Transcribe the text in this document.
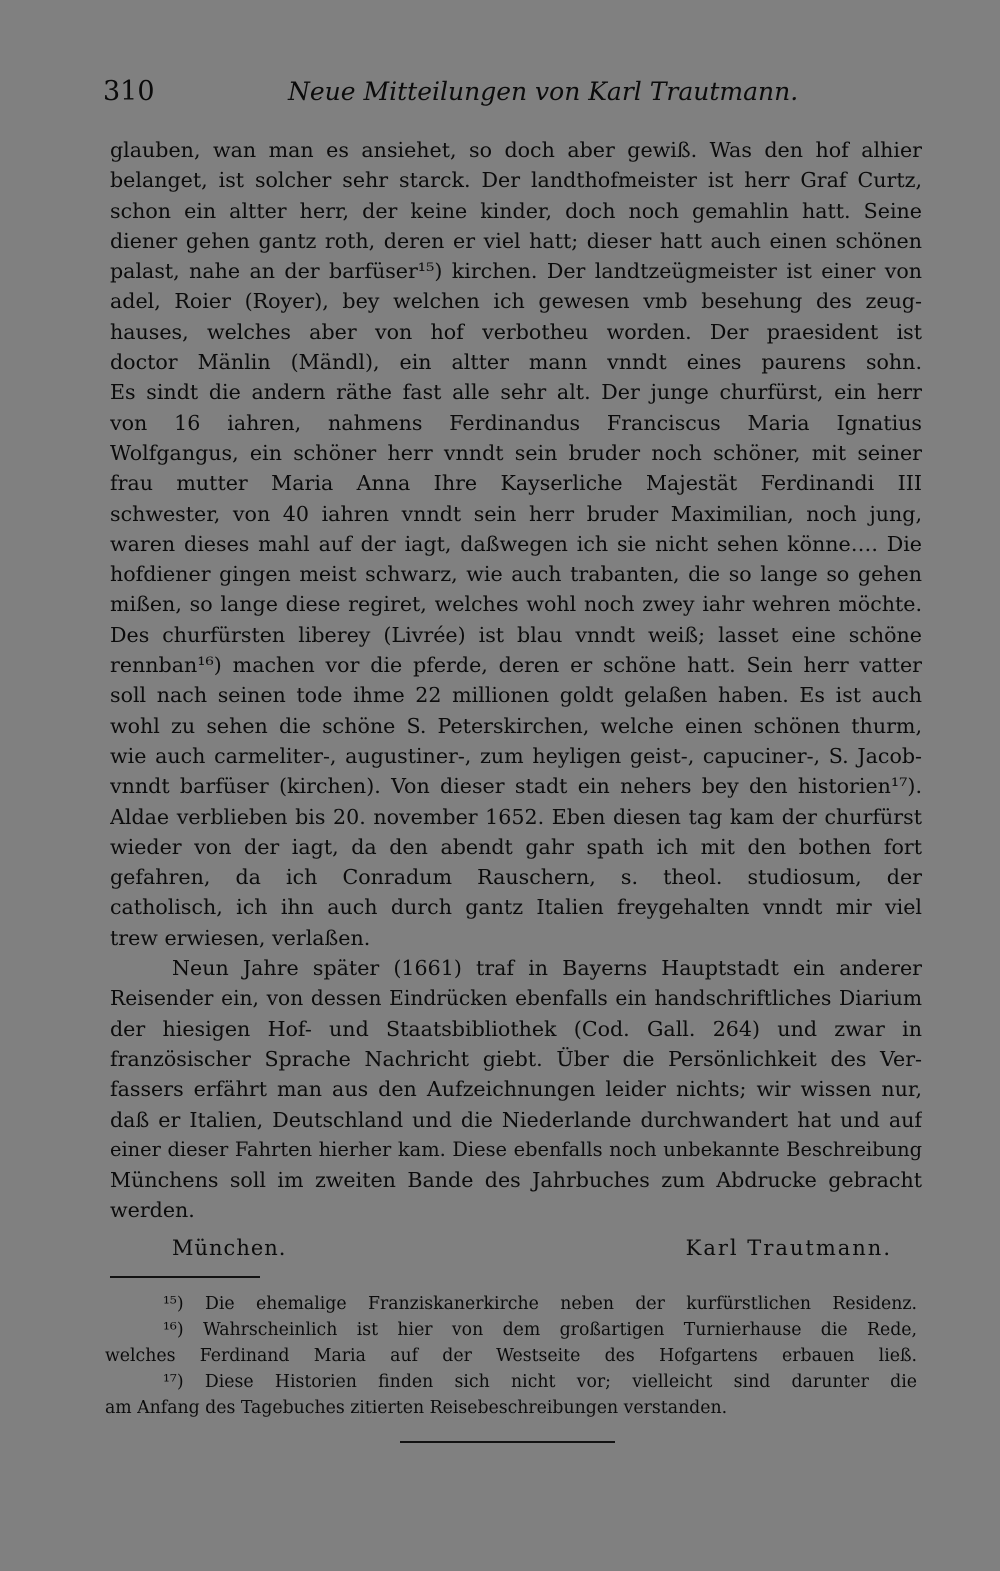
310	Neue Mitteilungen von Karl Trautmann.
glauben, wan man es ansiehet, so doch aber gewiß. Was den hof alhier
belanget, ist solcher sehr starck. Der landthofmeister ist herr Graf Curtz,
schon ein altter herr, der keine kinder, doch noch gemahlin hatt. Seine
diener gehen gantz roth, deren er viel hatt; dieser hatt auch einen schönen
palast, nahe an der barfüser¹⁵) kirchen. Der landtzeügmeister ist einer von
adel, Roier (Royer), bey welchen ich gewesen vmb besehung des zeug-
hauses, welches aber von hof verbotheu worden. Der praesident ist
doctor Mänlin (Mändl), ein altter mann vnndt eines paurens sohn.
Es sindt die andern räthe fast alle sehr alt. Der junge churfürst, ein herr
von 16 iahren, nahmens Ferdinandus Franciscus Maria Ignatius
Wolfgangus, ein schöner herr vnndt sein bruder noch schöner, mit seiner
frau mutter Maria Anna Ihre Kayserliche Majestät Ferdinandi III
schwester, von 40 iahren vnndt sein herr bruder Maximilian, noch jung,
waren dieses mahl auf der iagt, daßwegen ich sie nicht sehen könne…. Die
hofdiener gingen meist schwarz, wie auch trabanten, die so lange so gehen
mißen, so lange diese regiret, welches wohl noch zwey iahr wehren möchte.
Des churfürsten liberey (Livrée) ist blau vnndt weiß; lasset eine schöne
rennban¹⁶) machen vor die pferde, deren er schöne hatt. Sein herr vatter
soll nach seinen tode ihme 22 millionen goldt gelaßen haben. Es ist auch
wohl zu sehen die schöne S. Peterskirchen, welche einen schönen thurm,
wie auch carmeliter-, augustiner-, zum heyligen geist-, capuciner-, S. Jacob-
vnndt barfüser (kirchen). Von dieser stadt ein nehers bey den historien¹⁷).
Aldae verblieben bis 20. november 1652. Eben diesen tag kam der churfürst
wieder von der iagt, da den abendt gahr spath ich mit den bothen fort
gefahren, da ich Conradum Rauschern, s. theol. studiosum, der
catholisch, ich ihn auch durch gantz Italien freygehalten vnndt mir viel
trew erwiesen, verlaßen.
Neun Jahre später (1661) traf in Bayerns Hauptstadt ein anderer
Reisender ein, von dessen Eindrücken ebenfalls ein handschriftliches Diarium
der hiesigen Hof- und Staatsbibliothek (Cod. Gall. 264) und zwar in
französischer Sprache Nachricht giebt. Über die Persönlichkeit des Ver-
fassers erfährt man aus den Aufzeichnungen leider nichts; wir wissen nur,
daß er Italien, Deutschland und die Niederlande durchwandert hat und auf
einer dieser Fahrten hierher kam. Diese ebenfalls noch unbekannte Beschreibung
Münchens soll im zweiten Bande des Jahrbuches zum Abdrucke gebracht
werden.
München.	Karl Trautmann.
¹⁵) Die ehemalige Franziskanerkirche neben der kurfürstlichen Residenz.
¹⁶) Wahrscheinlich ist hier von dem großartigen Turnierhause die Rede,
welches Ferdinand Maria auf der Westseite des Hofgartens erbauen ließ.
¹⁷) Diese Historien finden sich nicht vor; vielleicht sind darunter die
am Anfang des Tagebuches zitierten Reisebeschreibungen verstanden.
